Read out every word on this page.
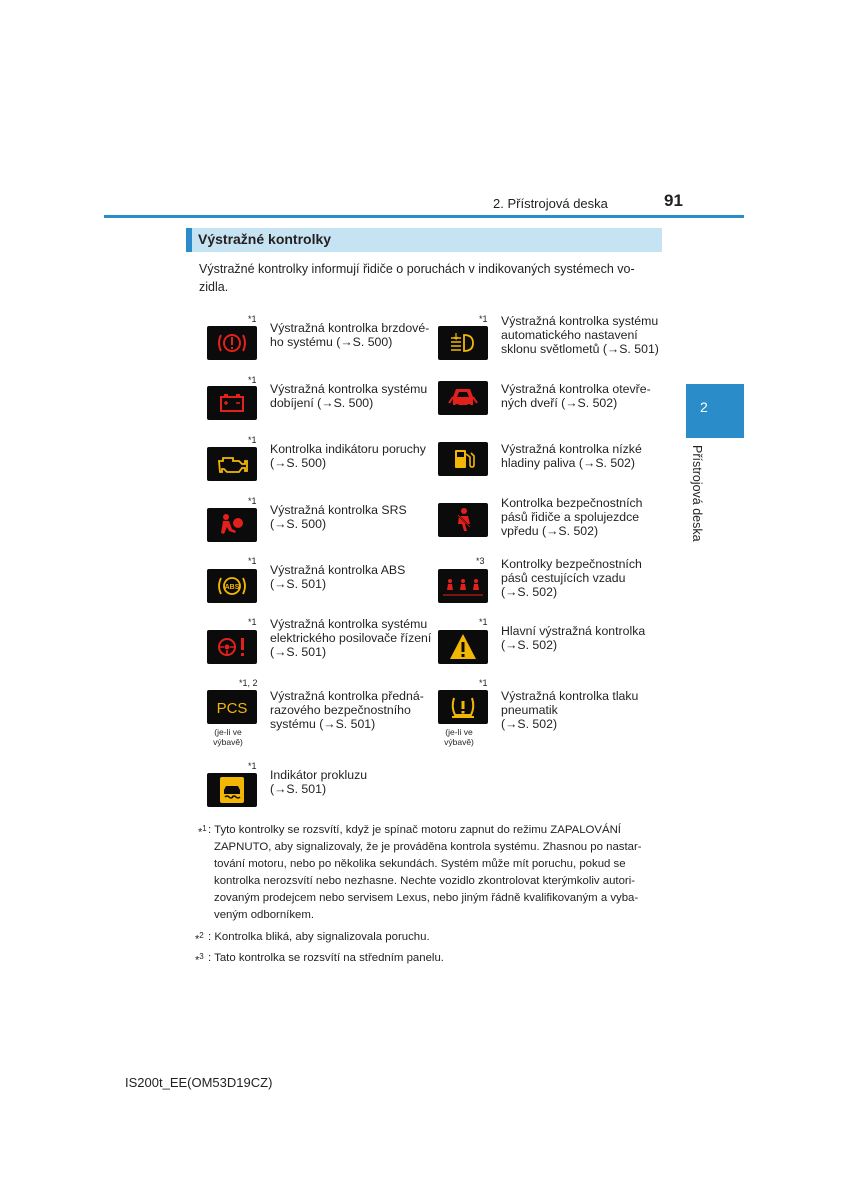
2. Přístrojová deska	91
2
Přístrojová deska
Výstražné kontrolky
Výstražné kontrolky informují řidiče o poruchách v indikovaných systémech vo-
zidla.
*1
Výstražná kontrolka brzdové-
ho systému (→S. 500)
*1
Výstražná kontrolka systému
dobíjení (→S. 500)
*1
Kontrolka indikátoru poruchy
(→S. 500)
*1
Výstražná kontrolka SRS
(→S. 500)
*1
ABS
Výstražná kontrolka ABS
(→S. 501)
*1 Výstražná kontrolka systému
elektrického posilovače řízení
(→S. 501)
*1, 2
PCS
(je-li ve
výbavě)
Výstražná kontrolka předná-
razového bezpečnostního
systému (→S. 501)
*1
Indikátor prokluzu
(→S. 501)
*1 Výstražná kontrolka systému
automatického nastavení
sklonu světlometů (→S. 501)
Výstražná kontrolka otevře-
ných dveří (→S. 502)
Výstražná kontrolka nízké
hladiny paliva (→S. 502)
Kontrolka bezpečnostních
pásů řidiče a spolujezdce
vpředu (→S. 502)
*3 Kontrolky bezpečnostních
pásů cestujících vzadu
(→S. 502)
*1
Hlavní výstražná kontrolka
(→S. 502)
*1
(je-li ve
výbavě)
Výstražná kontrolka tlaku
pneumatik
(→S. 502)
*$^1$ : Tyto kontrolky se rozsvítí, když je spínač motoru zapnut do režimu ZAPALOVÁNÍ
ZAPNUTO, aby signalizovaly, že je prováděna kontrola systému. Zhasnou po nastar-
tování motoru, nebo po několika sekundách. Systém může mít poruchu, pokud se
kontrolka nerozsvítí nebo nezhasne. Nechte vozidlo zkontrolovat kterýmkoliv autori-
zovaným prodejcem nebo servisem Lexus, nebo jiným řádně kvalifikovaným a vyba-
veným odborníkem.
*$^2$ : Kontrolka bliká, aby signalizovala poruchu.
*$^3$ : Tato kontrolka se rozsvítí na středním panelu.
IS200t_EE(OM53D19CZ)
